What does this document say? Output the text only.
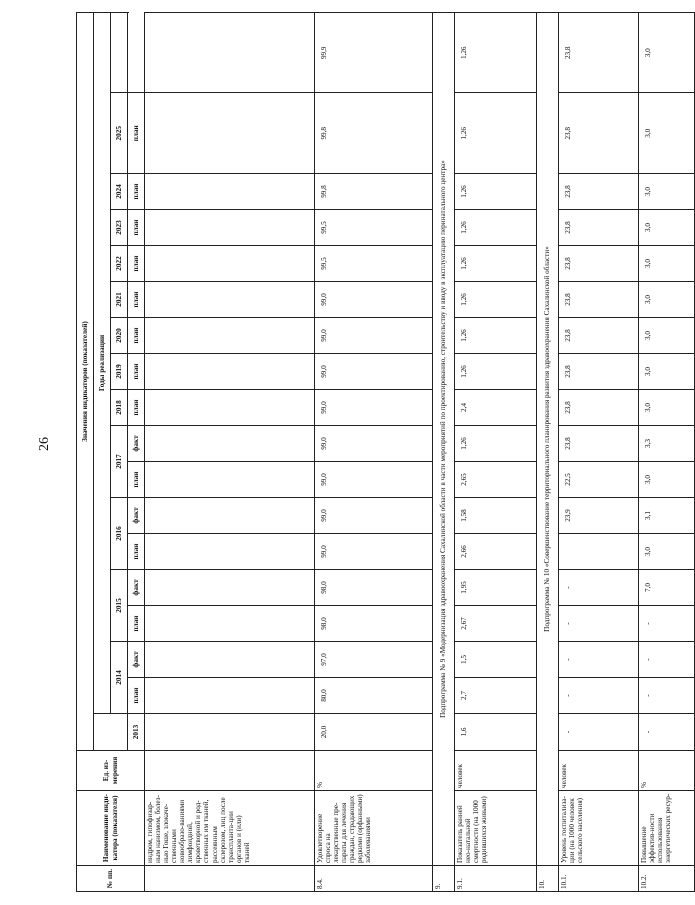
26
№ пп.	Наименование инди-катора (показателя)	Ед. из-мерения	Значения индикаторов (показателей)																	
				Годы реализации																
				2014		2015		2016		2017		2018	2019	2020	2021	2022	2023	2024	2025	

			2013	план	факт	план	факт	план	факт	план	факт	план	план	план	план	план	план	план	план	
	индром, гипофизар-ным нанизмом, болез-нью Гоше, злокаче-ственными новообразо-ваниями лимфоидной, кроветворной и род-ственных им тканей, рассеянным склерозом, лиц после транспланта-ции органов и (или) тканей																			
8.4.	Удовлетворение спроса на лекарственные пре-параты для лечения граждан, страдающих редкими (орфанными) заболеваниями	%	20,0	80,0	97,0	98,0	98,0	99,0	99,0	99,0	99,0	99,0	99,0	99,0	99,0	99,5	99,5	99,8	99,8	99,9
9.	Подпрограмма № 9 «Модернизация здравоохранения Сахалинской области в части мероприятий по проектированию, строительству и вводу в эксплуатацию перинатального центра»																			
9.1.	Показатель ранней нео-натальной смертности (на 1000 родившихся живыми)	человек	1,6	2,7	1,5	2,67	1,95	2,66	1,58	2,65	1,26	2,4	1,26	1,26	1,26	1,26	1,26	1,26	1,26	1,26
10.	Подпрограмма № 10 «Совершенствование территориального планирования развития здравоохранения Сахалинской области»																			
10.1.	Уровень госпитализа-ции (на 1000 человек сельского населения)	человек	-	-	-	-	-		23,9	22,5	23,8	23,8	23,8	23,8	23,8	23,8	23,8	23,8	23,8	23,8
10.2.	Повышение эффектив-ности использования энергетических ресур-	%	-	-	-	-	7,0	3,0	3,1	3,0	3,3	3,0	3,0	3,0	3,0	3,0	3,0	3,0	3,0	3,0
